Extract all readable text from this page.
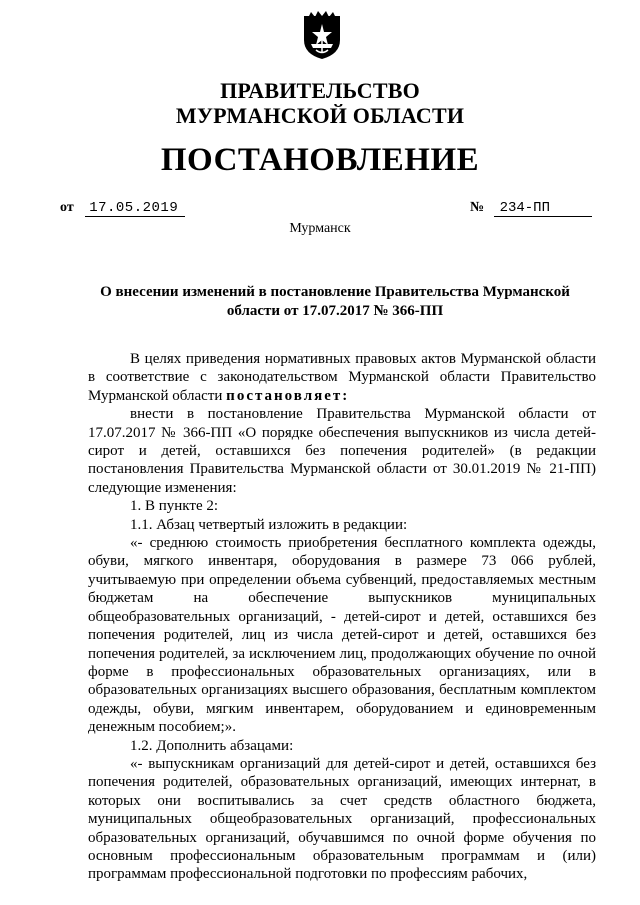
ПРАВИТЕЛЬСТВО
МУРМАНСКОЙ ОБЛАСТИ
ПОСТАНОВЛЕНИЕ
от 17.05.2019	№ 234-ПП
Мурманск
О внесении изменений в постановление Правительства Мурманской
области от 17.07.2017 № 366-ПП

В целях приведения нормативных правовых актов Мурманской области в соответствие с законодательством Мурманской области Правительство Мурманской области постановляет:

внести в постановление Правительства Мурманской области от 17.07.2017 № 366-ПП «О порядке обеспечения выпускников из числа детей-сирот и детей, оставшихся без попечения родителей» (в редакции постановления Правительства Мурманской области от 30.01.2019 № 21-ПП) следующие изменения:

1. В пункте 2:

1.1. Абзац четвертый изложить в редакции:

«- среднюю стоимость приобретения бесплатного комплекта одежды, обуви, мягкого инвентаря, оборудования в размере 73 066 рублей, учитываемую при определении объема субвенций, предоставляемых местным бюджетам на обеспечение выпускников муниципальных общеобразовательных организаций, - детей-сирот и детей, оставшихся без попечения родителей, лиц из числа детей-сирот и детей, оставшихся без попечения родителей, за исключением лиц, продолжающих обучение по очной форме в профессиональных образовательных организациях, или в образовательных организациях высшего образования, бесплатным комплектом одежды, обуви, мягким инвентарем, оборудованием и единовременным денежным пособием;».

1.2. Дополнить абзацами:

«- выпускникам организаций для детей-сирот и детей, оставшихся без попечения родителей, образовательных организаций, имеющих интернат, в которых они воспитывались за счет средств областного бюджета, муниципальных общеобразовательных организаций, профессиональных образовательных организаций, обучавшимся по очной форме обучения по основным профессиональным образовательным программам и (или) программам профессиональной подготовки по профессиям рабочих,
